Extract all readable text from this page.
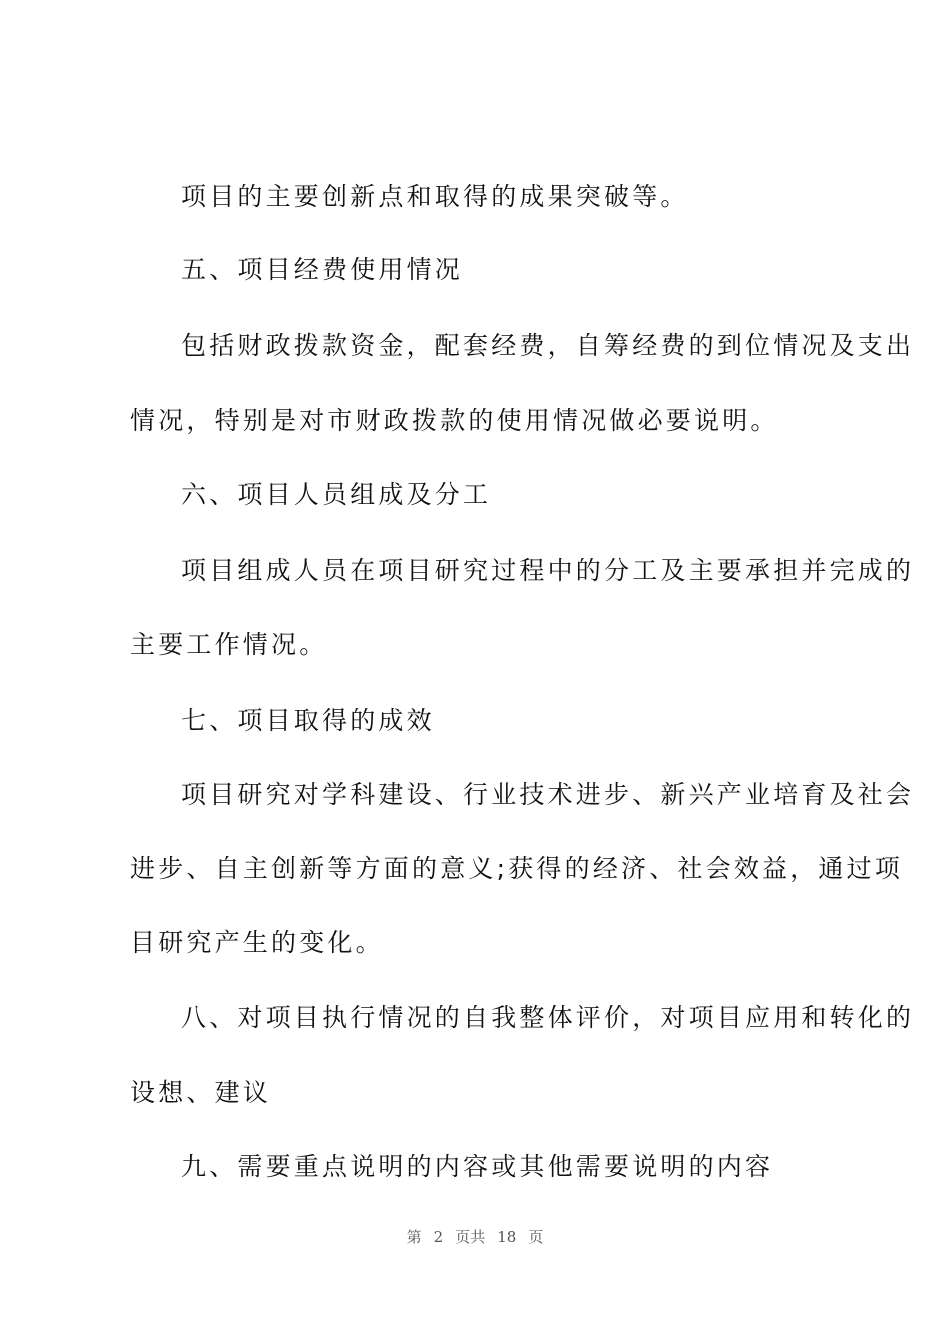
项目的主要创新点和取得的成果突破等。
五、项目经费使用情况
包括财政拨款资金，配套经费，自筹经费的到位情况及支出
情况，特别是对市财政拨款的使用情况做必要说明。
六、项目人员组成及分工
项目组成人员在项目研究过程中的分工及主要承担并完成的
主要工作情况。
七、项目取得的成效
项目研究对学科建设、行业技术进步、新兴产业培育及社会
进步、自主创新等方面的意义;获得的经济、社会效益，通过项
目研究产生的变化。
八、对项目执行情况的自我整体评价，对项目应用和转化的
设想、建议
九、需要重点说明的内容或其他需要说明的内容
第 2 页共 18 页
